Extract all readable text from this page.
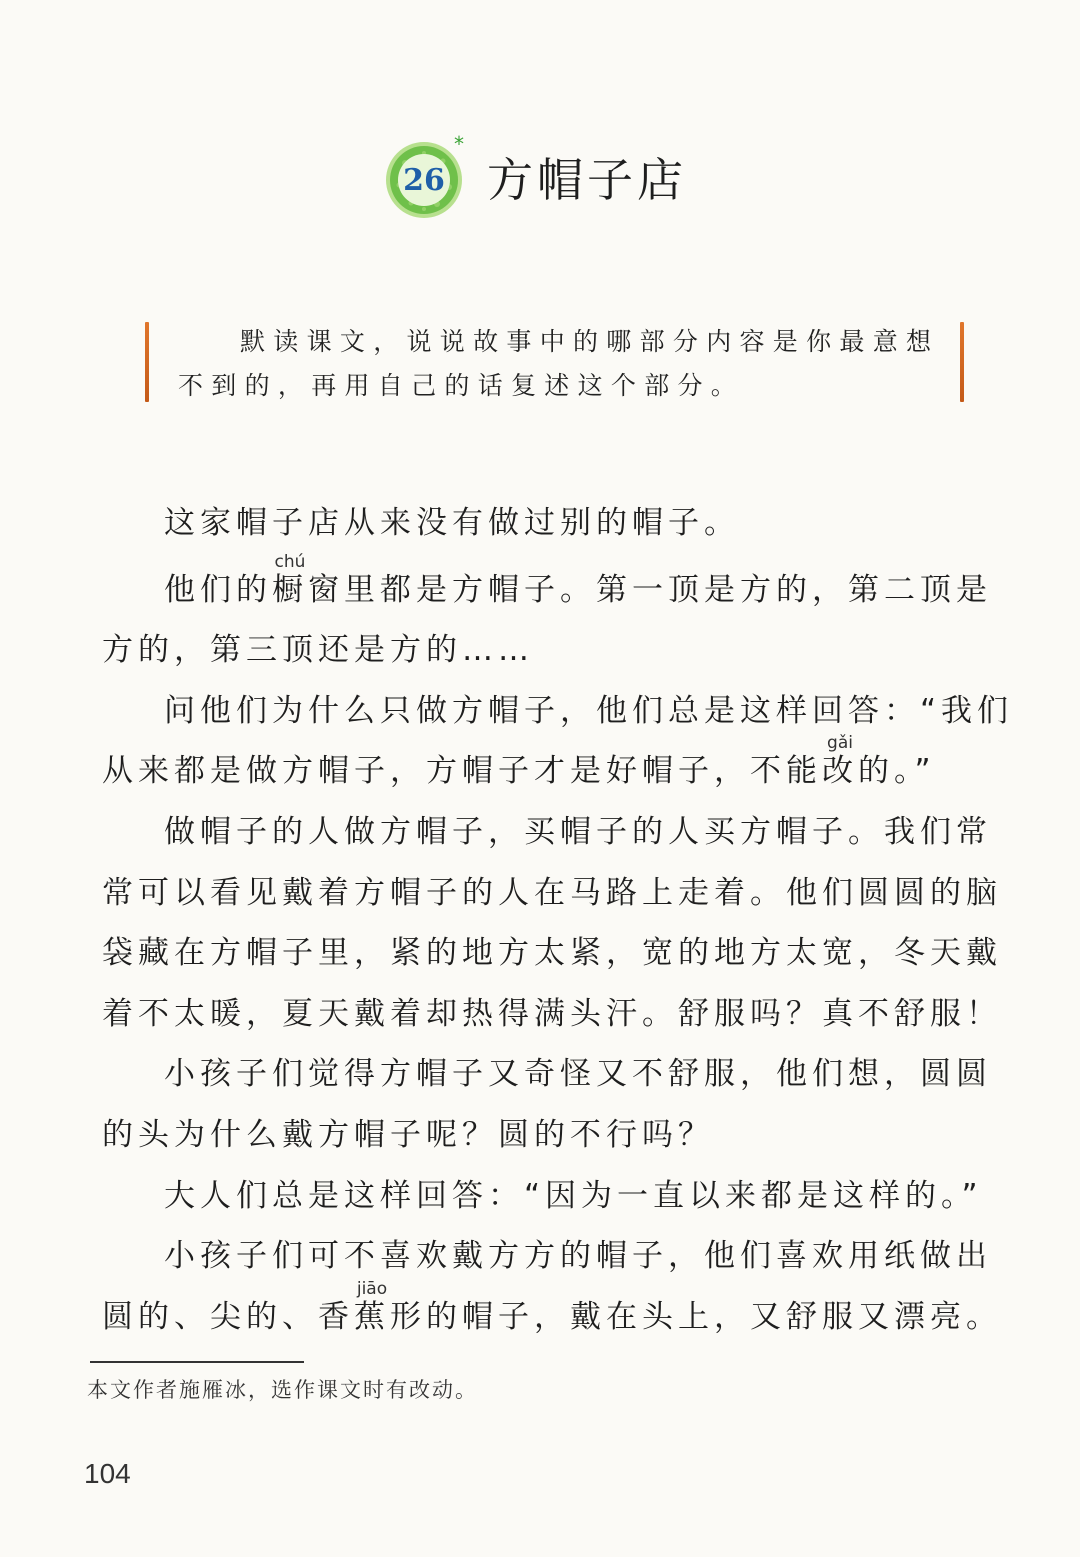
26
*
方帽子店
默读课文，说说故事中的哪部分内容是你最意想不到的，再用自己的话复述这个部分。

这家帽子店从来没有做过别的帽子。

他们的橱chú窗里都是方帽子。第一顶是方的，第二顶是方的，第三顶还是方的……

问他们为什么只做方帽子，他们总是这样回答：“我们从来都是做方帽子，方帽子才是好帽子，不能改gǎi的。”

做帽子的人做方帽子，买帽子的人买方帽子。我们常常可以看见戴着方帽子的人在马路上走着。他们圆圆的脑袋藏在方帽子里，紧的地方太紧，宽的地方太宽，冬天戴着不太暖，夏天戴着却热得满头汗。舒服吗？真不舒服！

小孩子们觉得方帽子又奇怪又不舒服，他们想，圆圆的头为什么戴方帽子呢？圆的不行吗？

大人们总是这样回答：“因为一直以来都是这样的。”

小孩子们可不喜欢戴方方的帽子，他们喜欢用纸做出圆的、尖的、香蕉jiāo形的帽子，戴在头上，又舒服又漂亮。

本文作者施雁冰，选作课文时有改动。
104
